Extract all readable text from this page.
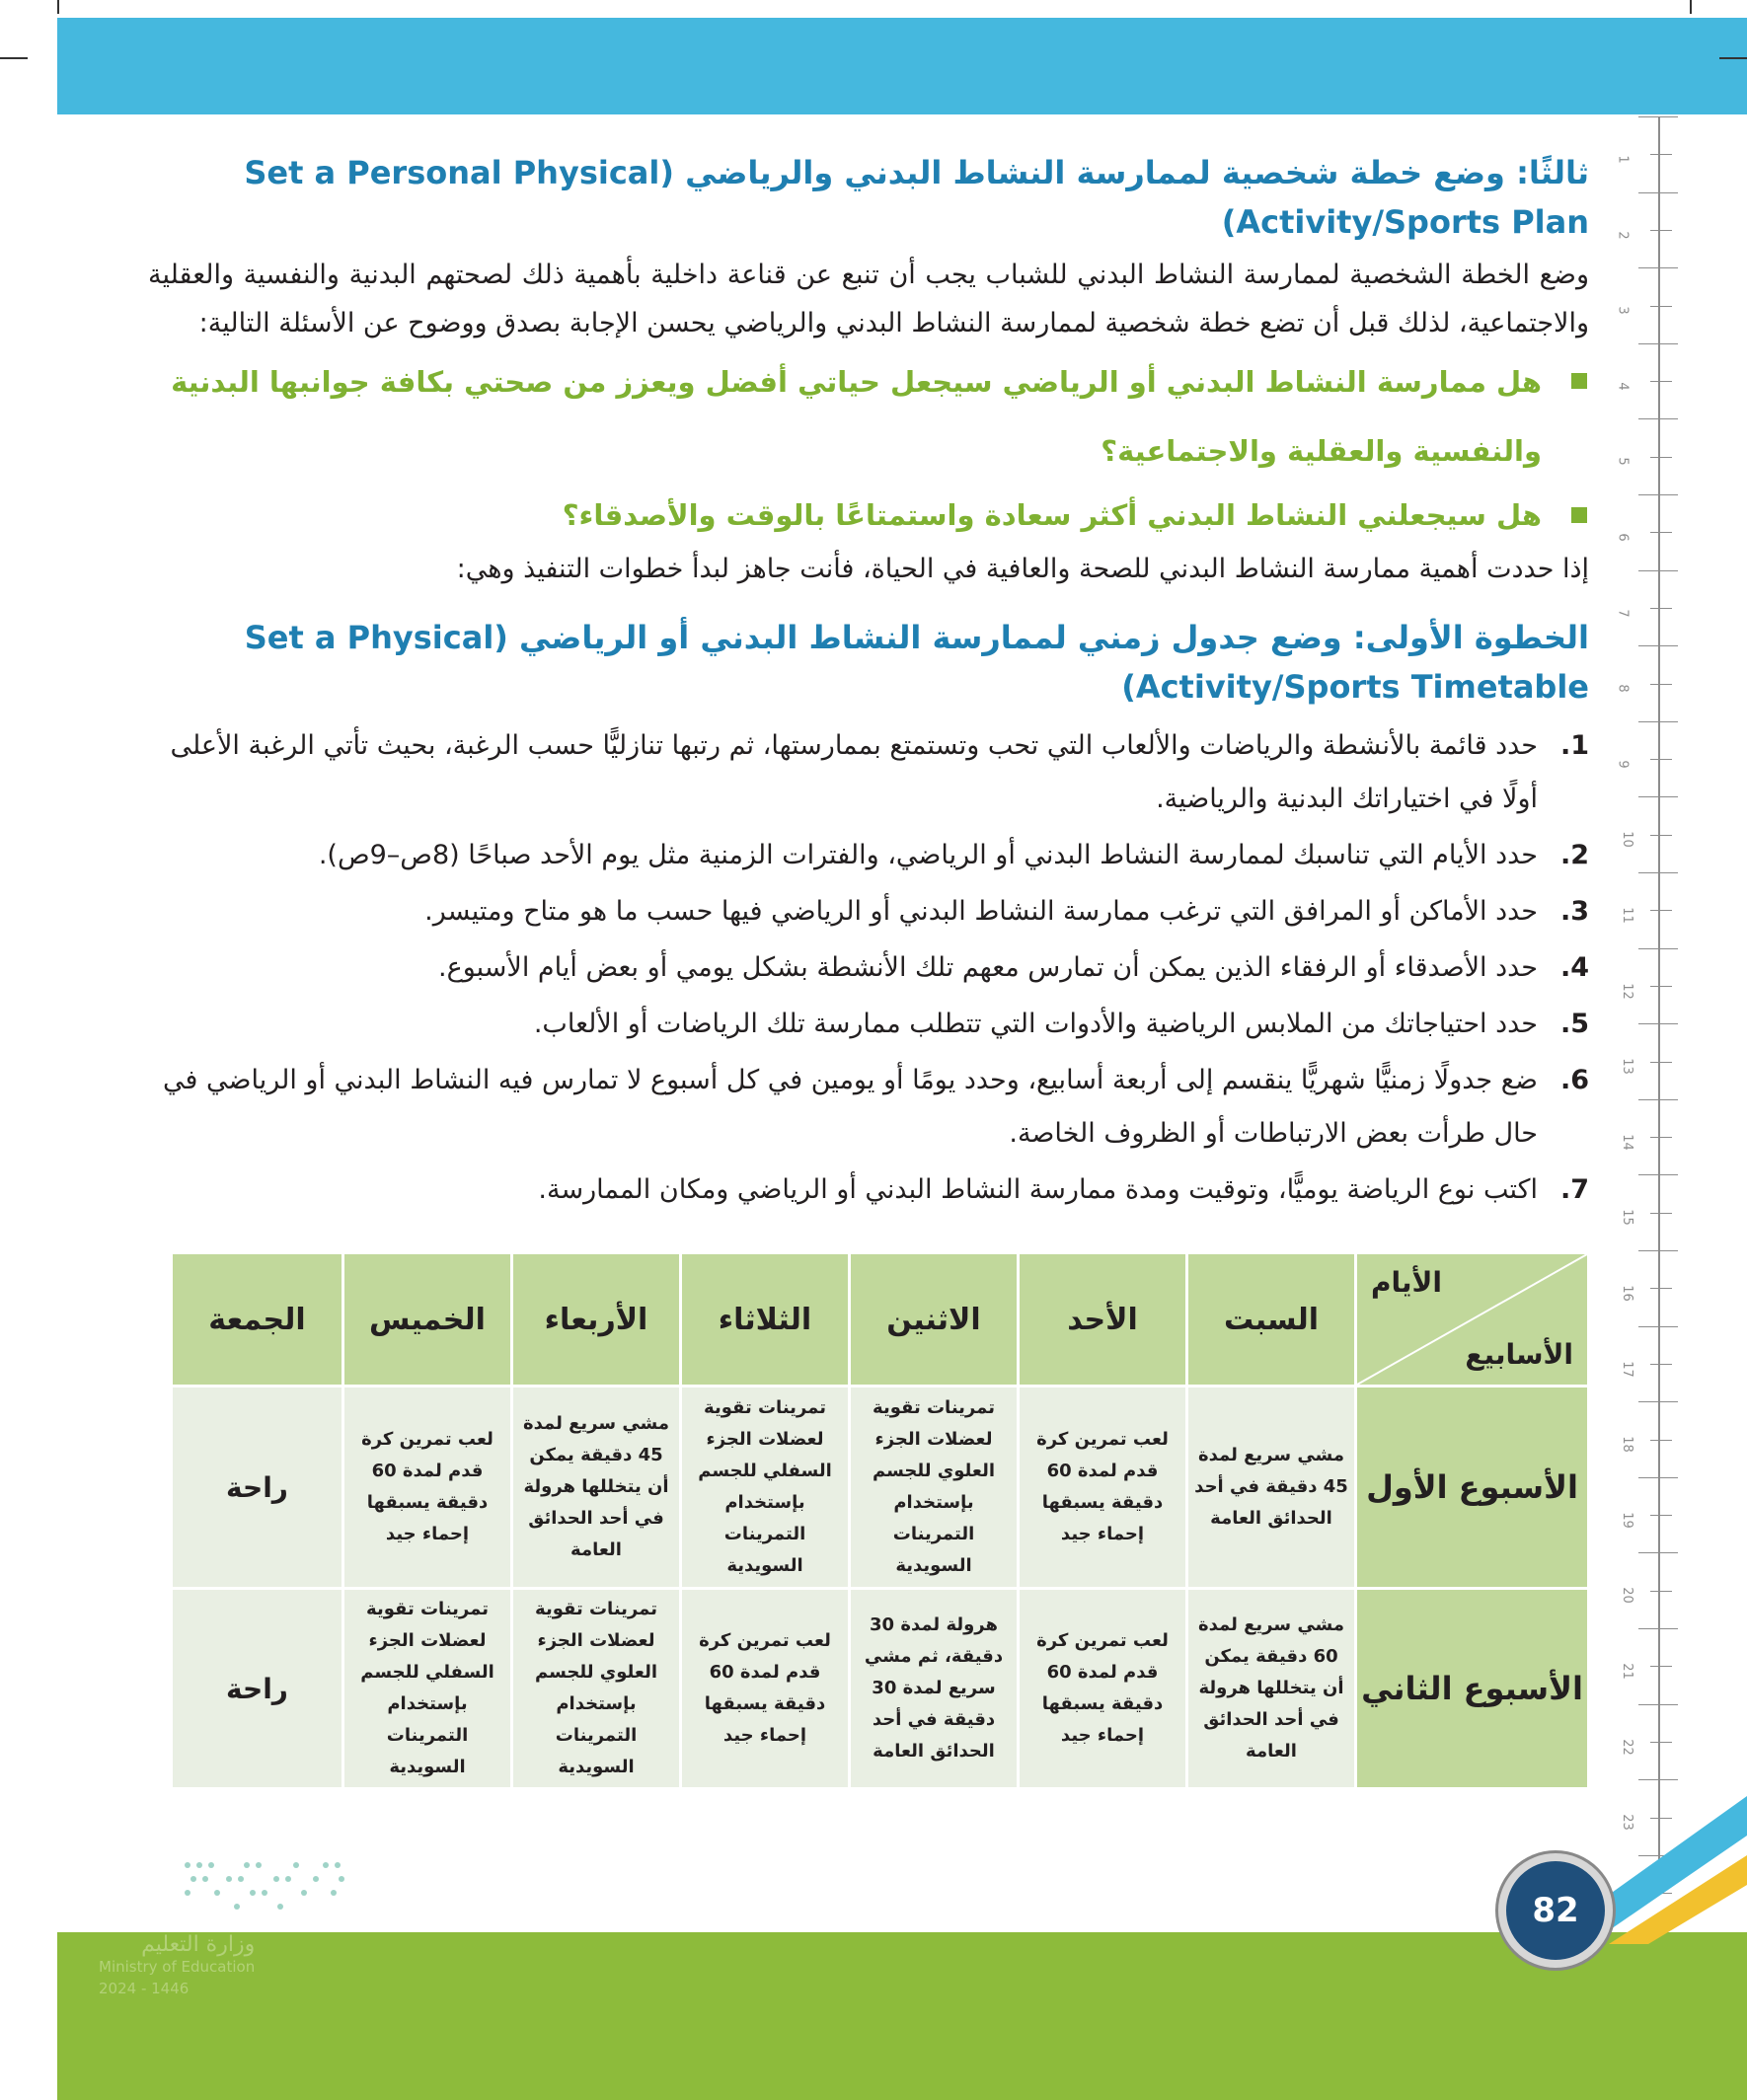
1
2
3
4
5
6
7
8
9
10
11
12
13
14
15
16
17
18
19
20
21
22
23

ثالثًا: وضع خطة شخصية لممارسة النشاط البدني والرياضي (Set a Personal Physical Activity/Sports Plan)

وضع الخطة الشخصية لممارسة النشاط البدني للشباب يجب أن تنبع عن قناعة داخلية بأهمية ذلك لصحتهم البدنية والنفسية والعقلية والاجتماعية، لذلك قبل أن تضع خطة شخصية لممارسة النشاط البدني والرياضي يحسن الإجابة بصدق ووضوح عن الأسئلة التالية:

هل ممارسة النشاط البدني أو الرياضي سيجعل حياتي أفضل ويعزز من صحتي بكافة جوانبها البدنية والنفسية والعقلية والاجتماعية؟

هل سيجعلني النشاط البدني أكثر سعادة واستمتاعًا بالوقت والأصدقاء؟

إذا حددت أهمية ممارسة النشاط البدني للصحة والعافية في الحياة، فأنت جاهز لبدأ خطوات التنفيذ وهي:

الخطوة الأولى: وضع جدول زمني لممارسة النشاط البدني أو الرياضي (Set a Physical Activity/Sports Timetable)

1.
حدد قائمة بالأنشطة والرياضات والألعاب التي تحب وتستمتع بممارستها، ثم رتبها تنازليًّا حسب الرغبة، بحيث تأتي الرغبة الأعلى أولًا في اختياراتك البدنية والرياضية.
2.
حدد الأيام التي تناسبك لممارسة النشاط البدني أو الرياضي، والفترات الزمنية مثل يوم الأحد صباحًا (8ص–9ص).
3.
حدد الأماكن أو المرافق التي ترغب ممارسة النشاط البدني أو الرياضي فيها حسب ما هو متاح ومتيسر.
4.
حدد الأصدقاء أو الرفقاء الذين يمكن أن تمارس معهم تلك الأنشطة بشكل يومي أو بعض أيام الأسبوع.
5.
حدد احتياجاتك من الملابس الرياضية والأدوات التي تتطلب ممارسة تلك الرياضات أو الألعاب.
6.
ضع جدولًا زمنيًّا شهريًّا ينقسم إلى أربعة أسابيع، وحدد يومًا أو يومين في كل أسبوع لا تمارس فيه النشاط البدني أو الرياضي في حال طرأت بعض الارتباطات أو الظروف الخاصة.
7.
اكتب نوع الرياضة يوميًّا، وتوقيت ومدة ممارسة النشاط البدني أو الرياضي ومكان الممارسة.
الأيام
الأسابيع	السبت	الأحد	الاثنين	الثلاثاء	الأربعاء	الخميس	الجمعة
الأسبوع الأول	مشي سريع لمدة 45 دقيقة في أحد الحدائق العامة	لعب تمرين كرة قدم لمدة 60 دقيقة يسبقها إحماء جيد	تمرينات تقوية لعضلات الجزء العلوي للجسم بإستخدام التمرينات السويدية	تمرينات تقوية لعضلات الجزء السفلي للجسم بإستخدام التمرينات السويدية	مشي سريع لمدة 45 دقيقة يمكن أن يتخللها هرولة في أحد الحدائق العامة	لعب تمرين كرة قدم لمدة 60 دقيقة يسبقها إحماء جيد	راحة
الأسبوع الثاني	مشي سريع لمدة 60 دقيقة يمكن أن يتخللها هرولة في أحد الحدائق العامة	لعب تمرين كرة قدم لمدة 60 دقيقة يسبقها إحماء جيد	هرولة لمدة 30 دقيقة، ثم مشي سريع لمدة 30 دقيقة في أحد الحدائق العامة	لعب تمرين كرة قدم لمدة 60 دقيقة يسبقها إحماء جيد	تمرينات تقوية لعضلات الجزء العلوي للجسم بإستخدام التمرينات السويدية	تمرينات تقوية لعضلات الجزء السفلي للجسم بإستخدام التمرينات السويدية	راحة
82
وزارة التعليم
Ministry of Education
2024 - 1446
